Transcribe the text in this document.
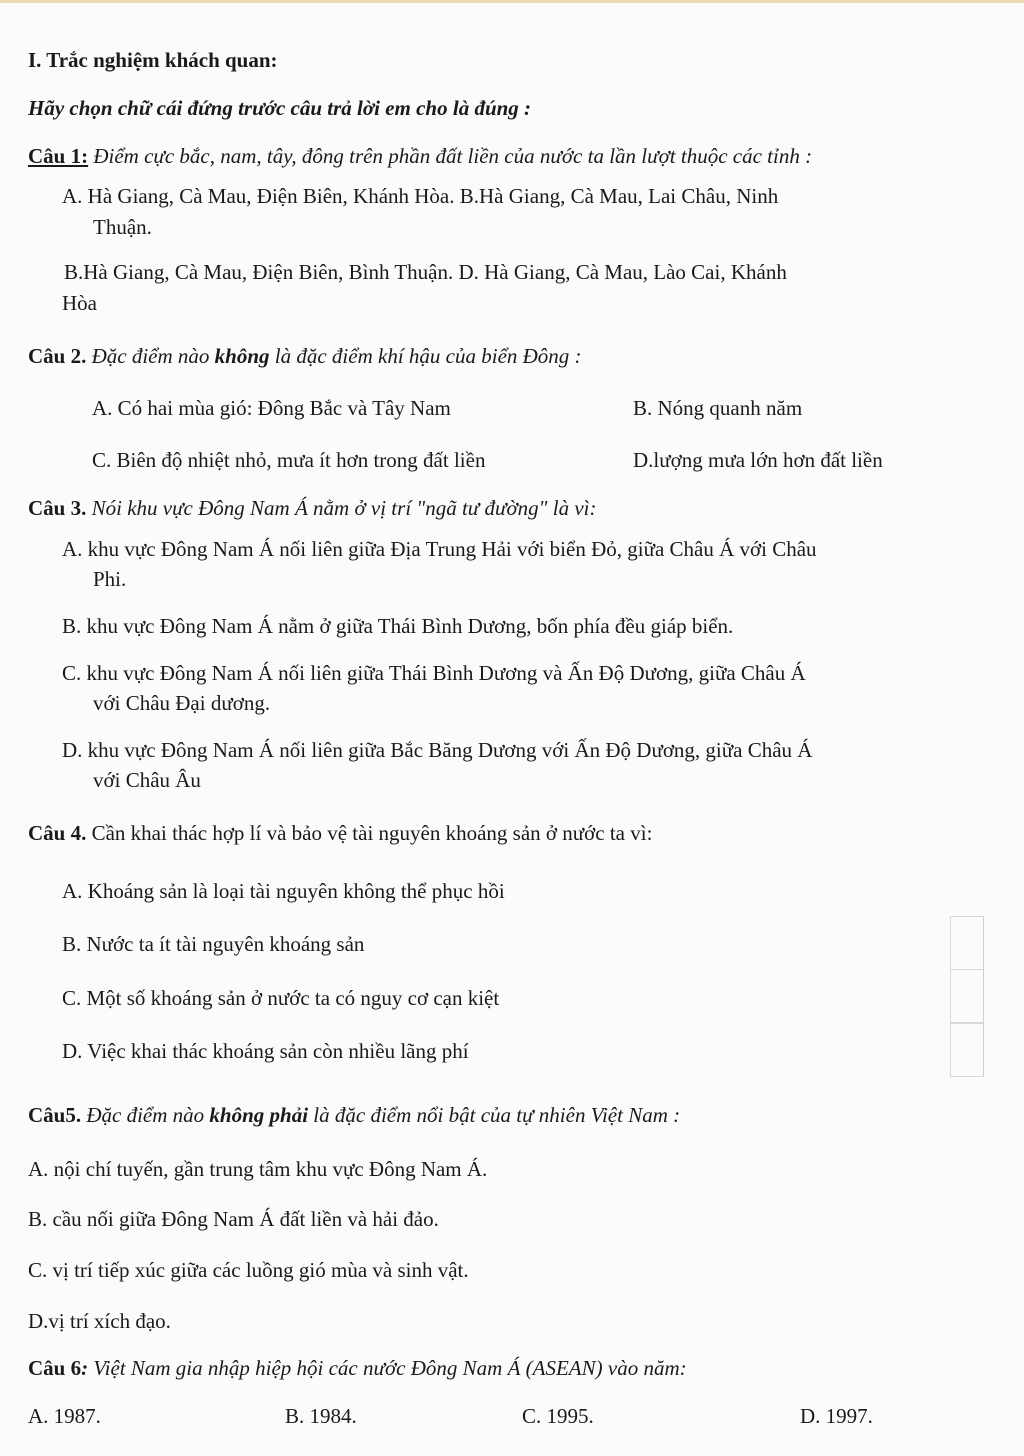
I. Trắc nghiệm khách quan:
Hãy chọn chữ cái đứng trước câu trả lời em cho là đúng :
Câu 1: Điểm cực bắc, nam, tây, đông trên phần đất liền của nước ta lần lượt thuộc các tỉnh :
A. Hà Giang, Cà Mau, Điện Biên, Khánh Hòa. B.Hà Giang, Cà Mau, Lai Châu, Ninh
Thuận.
B.Hà Giang, Cà Mau, Điện Biên, Bình Thuận. D. Hà Giang, Cà Mau, Lào Cai, Khánh
Hòa
Câu 2. Đặc điểm nào không là đặc điểm khí hậu của biển Đông :
A. Có hai mùa gió: Đông Bắc và Tây Nam	B. Nóng quanh năm
C. Biên độ nhiệt nhỏ, mưa ít hơn trong đất liền	D.lượng mưa lớn hơn đất liền
Câu 3. Nói khu vực Đông Nam Á nằm ở vị trí "ngã tư đường" là vì:
A. khu vực Đông Nam Á nối liên giữa Địa Trung Hải với biển Đỏ, giữa Châu Á với Châu
Phi.
B. khu vực Đông Nam Á nằm ở giữa Thái Bình Dương, bốn phía đều giáp biển.
C. khu vực Đông Nam Á nối liên giữa Thái Bình Dương và Ấn Độ Dương, giữa Châu Á
với Châu Đại dương.
D. khu vực Đông Nam Á nối liên giữa Bắc Băng Dương với Ấn Độ Dương, giữa Châu Á
với Châu Âu
Câu 4. Cần khai thác hợp lí và bảo vệ tài nguyên khoáng sản ở nước ta vì:
A. Khoáng sản là loại tài nguyên không thể phục hồi
B. Nước ta ít tài nguyên khoáng sản
C. Một số khoáng sản ở nước ta có nguy cơ cạn kiệt
D. Việc khai thác khoáng sản còn nhiều lãng phí
Câu5. Đặc điểm nào không phải là đặc điểm nổi bật của tự nhiên Việt Nam :
A. nội chí tuyến, gần trung tâm khu vực Đông Nam Á.
B. cầu nối giữa Đông Nam Á đất liền và hải đảo.
C. vị trí tiếp xúc giữa các luồng gió mùa và sinh vật.
D.vị trí xích đạo.
Câu 6: Việt Nam gia nhập hiệp hội các nước Đông Nam Á (ASEAN) vào năm:
A. 1987.	B. 1984.	C. 1995.	D. 1997.
